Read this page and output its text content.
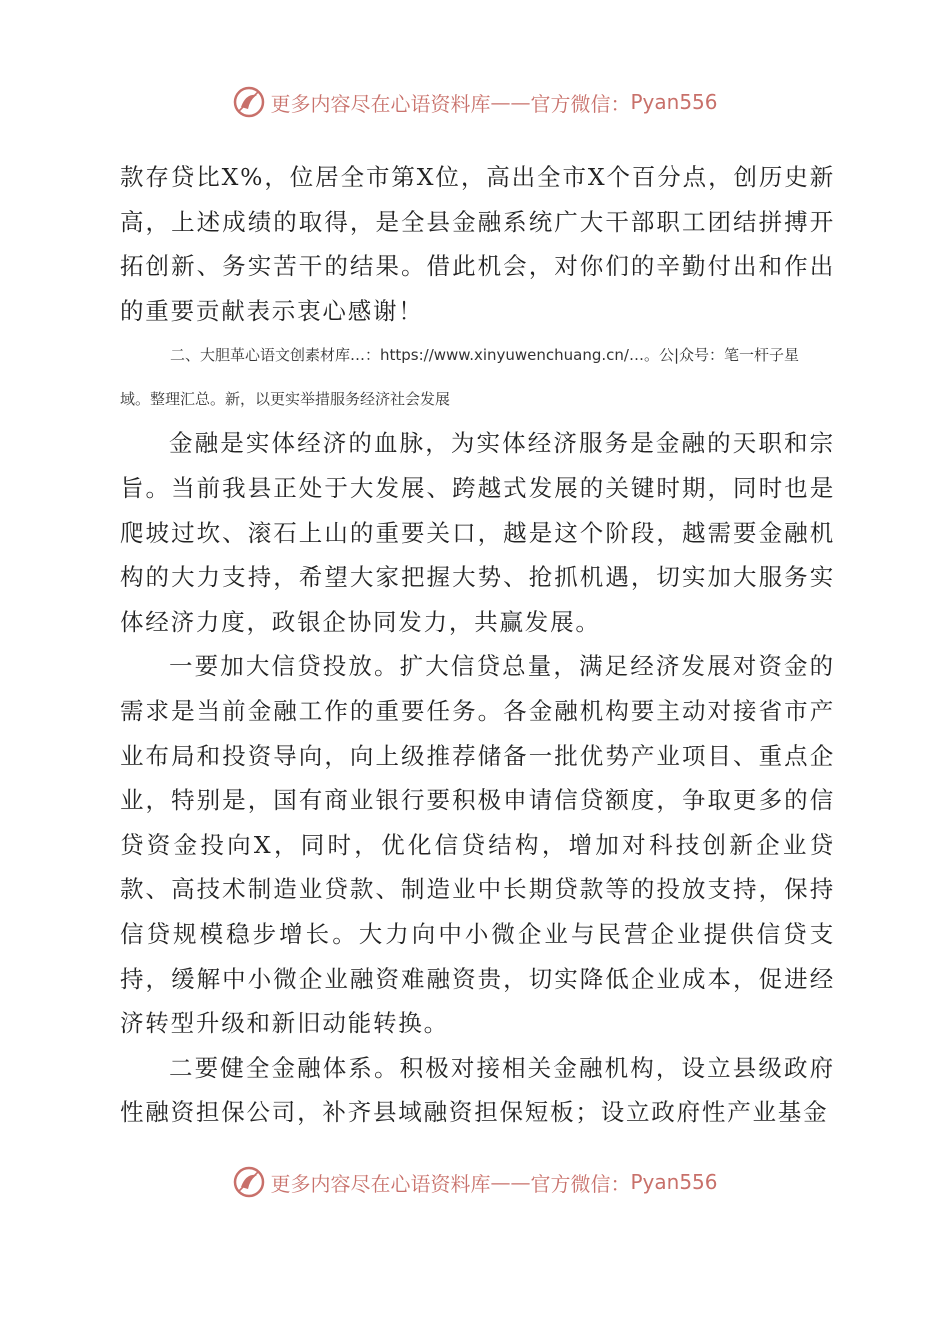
更多内容尽在心语资料库 —— 官方微信： Pyan556

款存贷比X%，位居全市第X位，高出全市X个百分点，创历史新高，上述成绩的取得，是全县金融系统广大干部职工团结拼搏开拓创新、务实苦干的结果。借此机会，对你们的辛勤付出和作出的重要贡献表示衷心感谢！

二、大胆革心语文创素材库…：https://www.xinyuwenchuang.cn/…。公|众号：笔一杆子星

域。整理汇总。新，以更实举措服务经济社会发展

金融是实体经济的血脉，为实体经济服务是金融的天职和宗旨。当前我县正处于大发展、跨越式发展的关键时期，同时也是爬坡过坎、滚石上山的重要关口，越是这个阶段，越需要金融机构的大力支持，希望大家把握大势、抢抓机遇，切实加大服务实体经济力度，政银企协同发力，共赢发展。

一要加大信贷投放。扩大信贷总量，满足经济发展对资金的需求是当前金融工作的重要任务。各金融机构要主动对接省市产业布局和投资导向，向上级推荐储备一批优势产业项目、重点企业，特别是，国有商业银行要积极申请信贷额度，争取更多的信贷资金投向X，同时，优化信贷结构，增加对科技创新企业贷款、高技术制造业贷款、制造业中长期贷款等的投放支持，保持信贷规模稳步增长。大力向中小微企业与民营企业提供信贷支持，缓解中小微企业融资难融资贵，切实降低企业成本，促进经济转型升级和新旧动能转换。

二要健全金融体系。积极对接相关金融机构，设立县级政府性融资担保公司，补齐县域融资担保短板；设立政府性产业基金

更多内容尽在心语资料库 —— 官方微信： Pyan556
